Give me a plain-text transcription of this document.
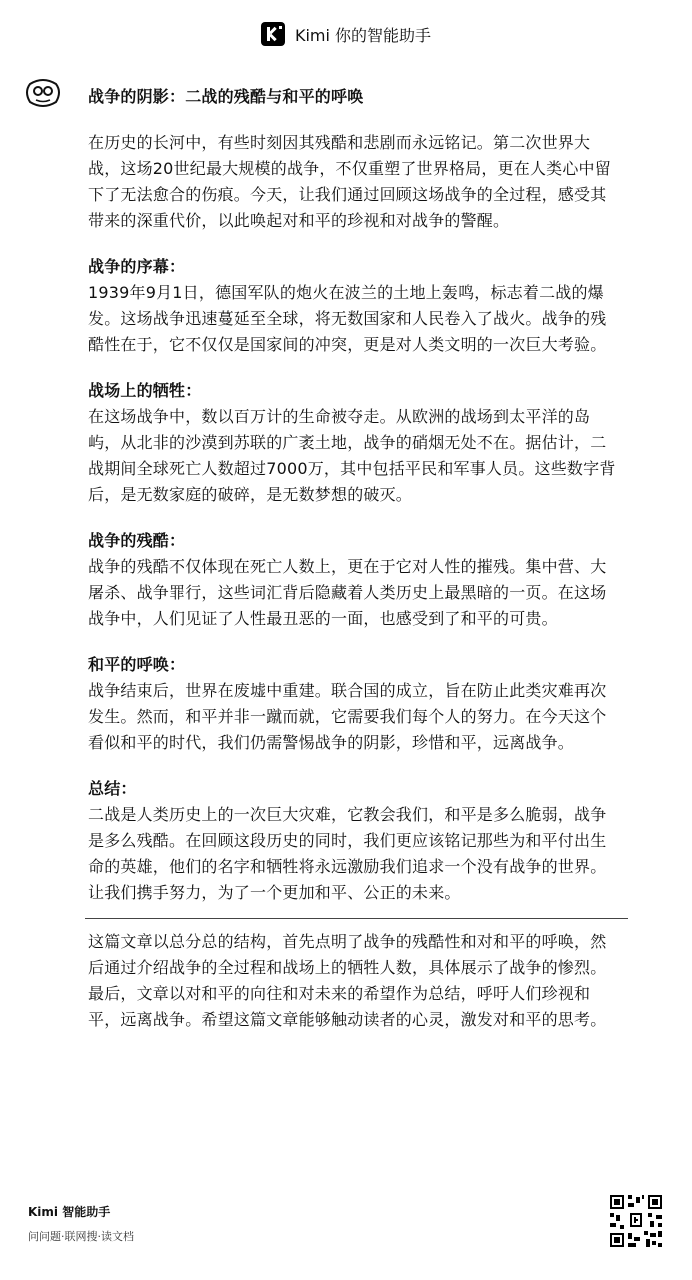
Kimi 你的智能助手

战争的阴影：二战的残酷与和平的呼唤

在历史的长河中，有些时刻因其残酷和悲剧而永远铭记。第二次世界大战，这场20世纪最大规模的战争，不仅重塑了世界格局，更在人类心中留下了无法愈合的伤痕。今天，让我们通过回顾这场战争的全过程，感受其带来的深重代价，以此唤起对和平的珍视和对战争的警醒。

战争的序幕：

1939年9月1日，德国军队的炮火在波兰的土地上轰鸣，标志着二战的爆发。这场战争迅速蔓延至全球，将无数国家和人民卷入了战火。战争的残酷性在于，它不仅仅是国家间的冲突，更是对人类文明的一次巨大考验。

战场上的牺牲：

在这场战争中，数以百万计的生命被夺走。从欧洲的战场到太平洋的岛屿，从北非的沙漠到苏联的广袤土地，战争的硝烟无处不在。据估计，二战期间全球死亡人数超过7000万，其中包括平民和军事人员。这些数字背后，是无数家庭的破碎，是无数梦想的破灭。

战争的残酷：

战争的残酷不仅体现在死亡人数上，更在于它对人性的摧残。集中营、大屠杀、战争罪行，这些词汇背后隐藏着人类历史上最黑暗的一页。在这场战争中，人们见证了人性最丑恶的一面，也感受到了和平的可贵。

和平的呼唤：

战争结束后，世界在废墟中重建。联合国的成立，旨在防止此类灾难再次发生。然而，和平并非一蹴而就，它需要我们每个人的努力。在今天这个看似和平的时代，我们仍需警惕战争的阴影，珍惜和平，远离战争。

总结：

二战是人类历史上的一次巨大灾难，它教会我们，和平是多么脆弱，战争是多么残酷。在回顾这段历史的同时，我们更应该铭记那些为和平付出生命的英雄，他们的名字和牺牲将永远激励我们追求一个没有战争的世界。让我们携手努力，为了一个更加和平、公正的未来。

这篇文章以总分总的结构，首先点明了战争的残酷性和对和平的呼唤，然后通过介绍战争的全过程和战场上的牺牲人数，具体展示了战争的惨烈。最后，文章以对和平的向往和对未来的希望作为总结，呼吁人们珍视和平，远离战争。希望这篇文章能够触动读者的心灵，激发对和平的思考。

Kimi 智能助手
问问题·联网搜·读文档
